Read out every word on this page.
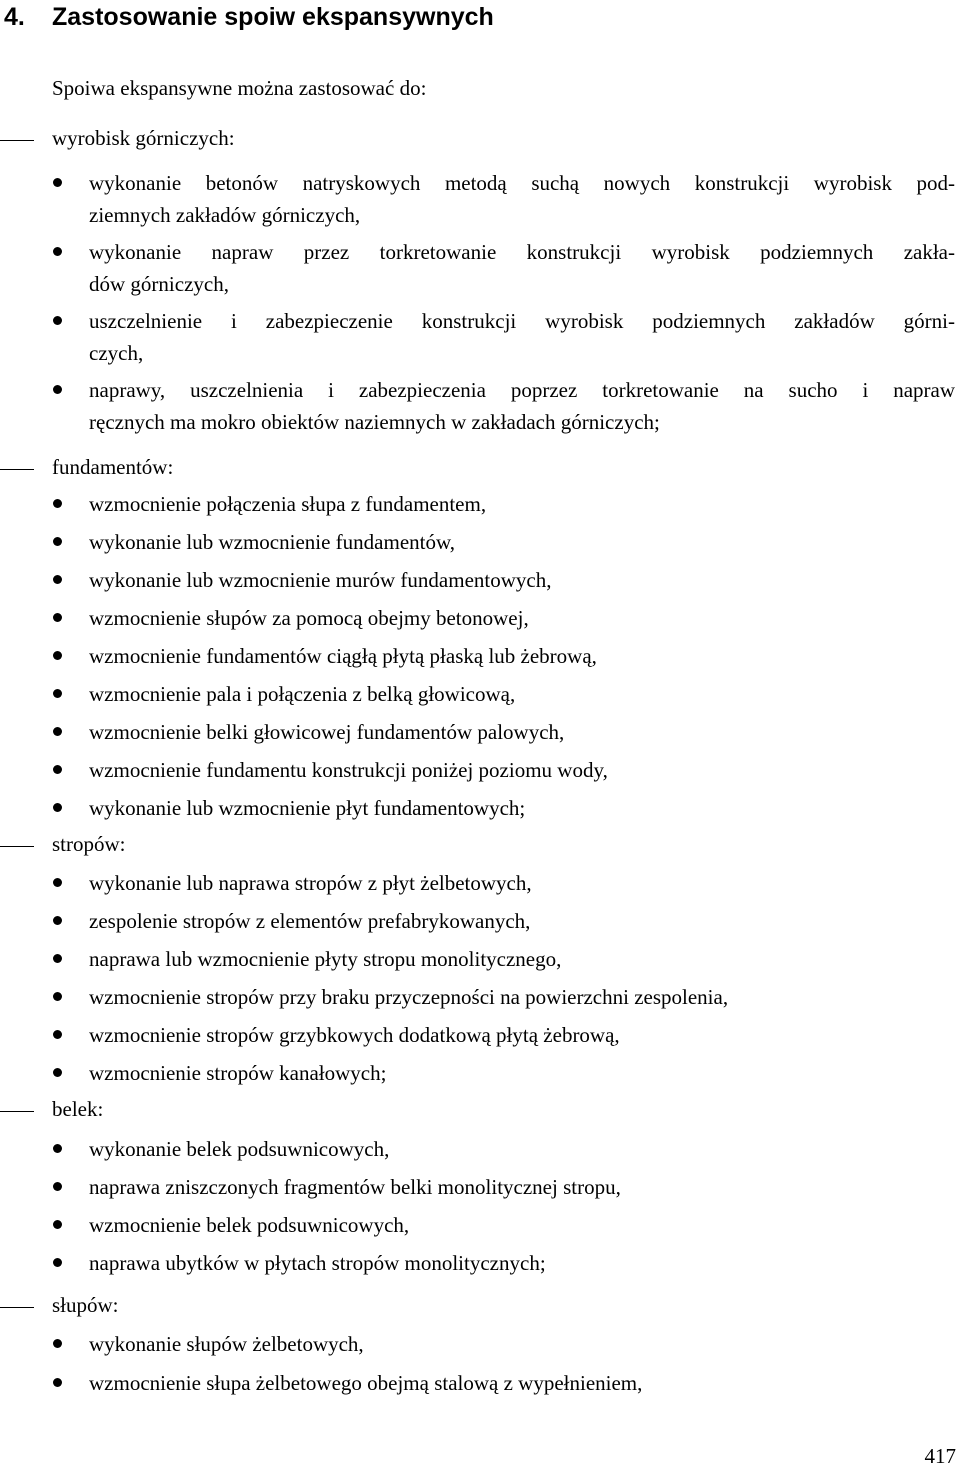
4. Zastosowanie spoiw ekspansywnych
Spoiwa ekspansywne można zastosować do:
wyrobisk górniczych:
wykonanie betonów natryskowych metodą suchą nowych konstrukcji wyrobisk pod-
ziemnych zakładów górniczych,
wykonanie napraw przez torkretowanie konstrukcji wyrobisk podziemnych zakła-
dów górniczych,
uszczelnienie i zabezpieczenie konstrukcji wyrobisk podziemnych zakładów górni-
czych,
naprawy, uszczelnienia i zabezpieczenia poprzez torkretowanie na sucho i napraw
ręcznych ma mokro obiektów naziemnych w zakładach górniczych;
fundamentów:
wzmocnienie połączenia słupa z fundamentem,
wykonanie lub wzmocnienie fundamentów,
wykonanie lub wzmocnienie murów fundamentowych,
wzmocnienie słupów za pomocą obejmy betonowej,
wzmocnienie fundamentów ciągłą płytą płaską lub żebrową,
wzmocnienie pala i połączenia z belką głowicową,
wzmocnienie belki głowicowej fundamentów palowych,
wzmocnienie fundamentu konstrukcji poniżej poziomu wody,
wykonanie lub wzmocnienie płyt fundamentowych;
stropów:
wykonanie lub naprawa stropów z płyt żelbetowych,
zespolenie stropów z elementów prefabrykowanych,
naprawa lub wzmocnienie płyty stropu monolitycznego,
wzmocnienie stropów przy braku przyczepności na powierzchni zespolenia,
wzmocnienie stropów grzybkowych dodatkową płytą żebrową,
wzmocnienie stropów kanałowych;
belek:
wykonanie belek podsuwnicowych,
naprawa zniszczonych fragmentów belki monolitycznej stropu,
wzmocnienie belek podsuwnicowych,
naprawa ubytków w płytach stropów monolitycznych;
słupów:
wykonanie słupów żelbetowych,
wzmocnienie słupa żelbetowego obejmą stalową z wypełnieniem,
417
